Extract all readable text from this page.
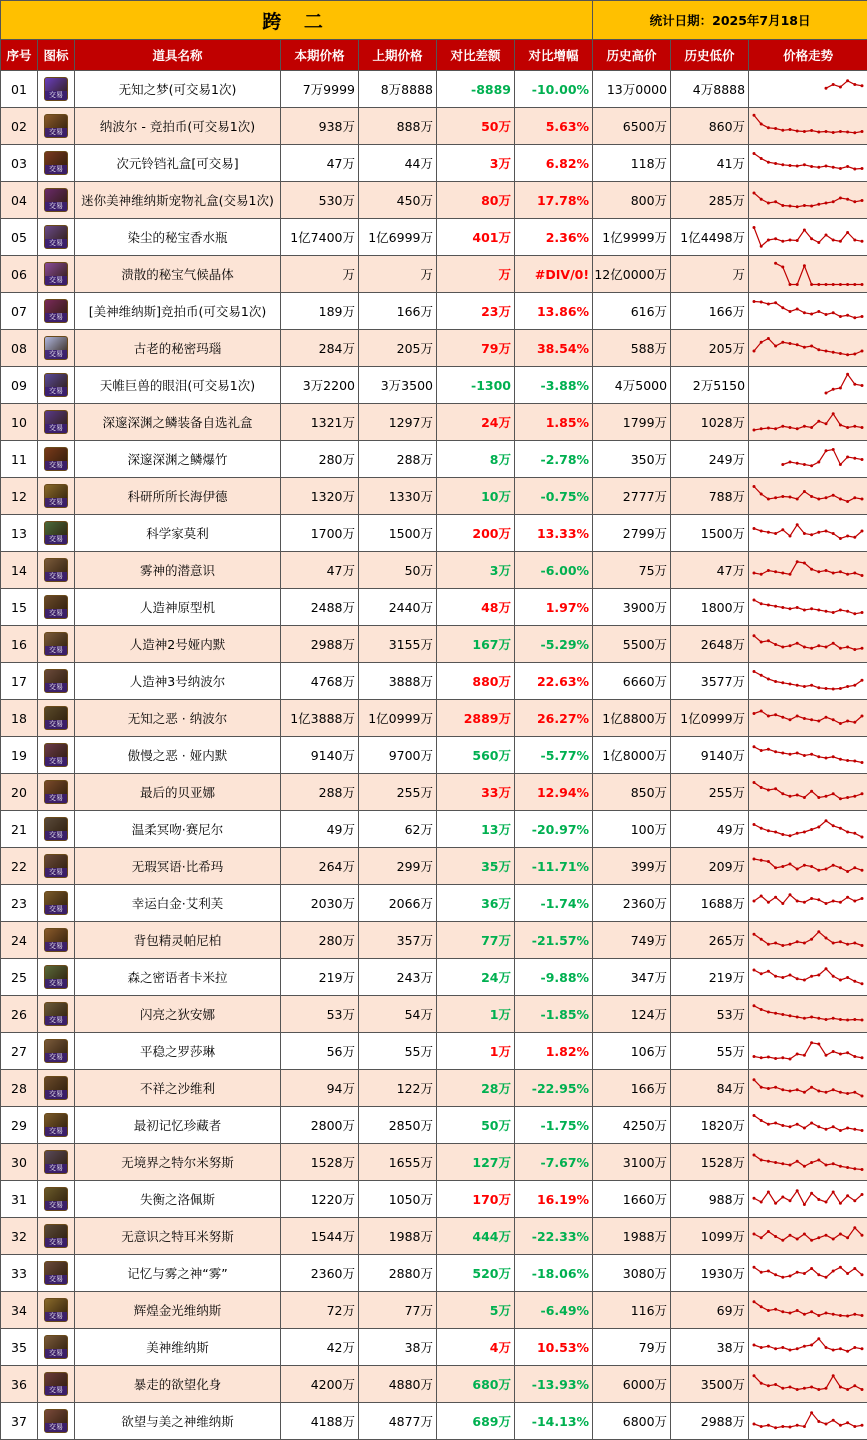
跨 二							统计日期：2025年7月18日		
序号	图标	道具名称	本期价格	上期价格	对比差额	对比增幅	历史高价	历史低价	价格走势
01	交易	无知之梦(可交易1次)	7万9999	8万8888	-8889	-10.00%	13万0000	4万8888	

02	交易	纳波尔 - 竞拍币(可交易1次)	938万	888万	50万	5.63%	6500万	860万	

03	交易	次元铃铛礼盒[可交易]	47万	44万	3万	6.82%	118万	41万	

04	交易	迷你美神维纳斯宠物礼盒(交易1次)	530万	450万	80万	17.78%	800万	285万	

05	交易	染尘的秘宝香水瓶	1亿7400万	1亿6999万	401万	2.36%	1亿9999万	1亿4498万	

06	交易	溃散的秘宝气候晶体	万	万	万	#DIV/0!	12亿0000万	万	

07	交易	[美神维纳斯]竞拍币(可交易1次)	189万	166万	23万	13.86%	616万	166万	

08	交易	古老的秘密玛瑙	284万	205万	79万	38.54%	588万	205万	

09	交易	天帷巨兽的眼泪(可交易1次)	3万2200	3万3500	-1300	-3.88%	4万5000	2万5150	

10	交易	深邃深渊之鳞装备自选礼盒	1321万	1297万	24万	1.85%	1799万	1028万	

11	交易	深邃深渊之鳞爆竹	280万	288万	8万	-2.78%	350万	249万	

12	交易	科研所所长海伊德	1320万	1330万	10万	-0.75%	2777万	788万	

13	交易	科学家莫利	1700万	1500万	200万	13.33%	2799万	1500万	

14	交易	雾神的潜意识	47万	50万	3万	-6.00%	75万	47万	

15	交易	人造神原型机	2488万	2440万	48万	1.97%	3900万	1800万	

16	交易	人造神2号娅内默	2988万	3155万	167万	-5.29%	5500万	2648万	

17	交易	人造神3号纳波尔	4768万	3888万	880万	22.63%	6660万	3577万	

18	交易	无知之恶 · 纳波尔	1亿3888万	1亿0999万	2889万	26.27%	1亿8800万	1亿0999万	

19	交易	傲慢之恶 · 娅内默	9140万	9700万	560万	-5.77%	1亿8000万	9140万	

20	交易	最后的贝亚娜	288万	255万	33万	12.94%	850万	255万	

21	交易	温柔冥吻·赛尼尔	49万	62万	13万	-20.97%	100万	49万	

22	交易	无瑕冥语·比希玛	264万	299万	35万	-11.71%	399万	209万	

23	交易	幸运白金·艾利芙	2030万	2066万	36万	-1.74%	2360万	1688万	

24	交易	背包精灵帕尼柏	280万	357万	77万	-21.57%	749万	265万	

25	交易	森之密语者卡米拉	219万	243万	24万	-9.88%	347万	219万	

26	交易	闪亮之狄安娜	53万	54万	1万	-1.85%	124万	53万	

27	交易	平稳之罗莎琳	56万	55万	1万	1.82%	106万	55万	

28	交易	不祥之沙维利	94万	122万	28万	-22.95%	166万	84万	

29	交易	最初记忆珍藏者	2800万	2850万	50万	-1.75%	4250万	1820万	

30	交易	无境界之特尔米努斯	1528万	1655万	127万	-7.67%	3100万	1528万	

31	交易	失衡之洛佩斯	1220万	1050万	170万	16.19%	1660万	988万	

32	交易	无意识之特耳米努斯	1544万	1988万	444万	-22.33%	1988万	1099万	

33	交易	记忆与雾之神“雾”	2360万	2880万	520万	-18.06%	3080万	1930万	

34	交易	辉煌金光维纳斯	72万	77万	5万	-6.49%	116万	69万	

35	交易	美神维纳斯	42万	38万	4万	10.53%	79万	38万	

36	交易	暴走的欲望化身	4200万	4880万	680万	-13.93%	6000万	3500万	

37	交易	欲望与美之神维纳斯	4188万	4877万	689万	-14.13%	6800万	2988万	
